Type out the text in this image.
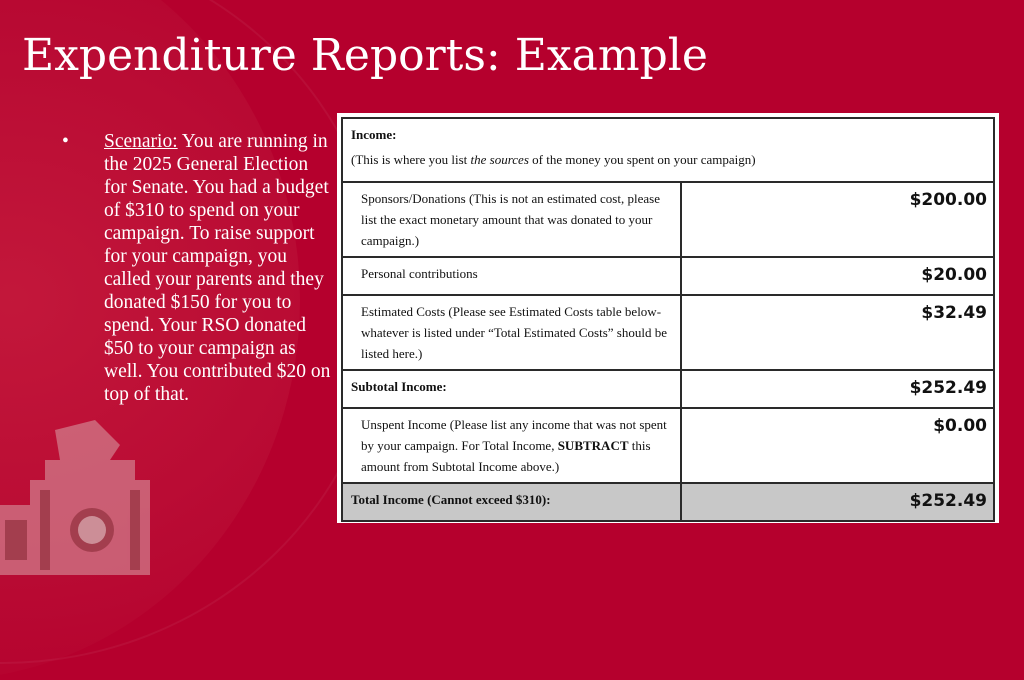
Expenditure Reports: Example
• Scenario: You are running in the 2025 General Election for Senate. You had a budget of $310 to spend on your campaign. To raise support for your campaign, you called your parents and they donated $150 for you to spend. Your RSO donated $50 to your campaign as well. You contributed $20 on top of that.
Income:
(This is where you list the sources of the money you spent on your campaign)	

Sponsors/Donations (This is not an estimated cost, please list the exact monetary amount that was donated to your campaign.)	$200.00
Personal contributions	$20.00
Estimated Costs (Please see Estimated Costs table below-whatever is listed under “Total Estimated Costs” should be listed here.)	$32.49
Subtotal Income:	$252.49
Unspent Income (Please list any income that was not spent by your campaign. For Total Income, SUBTRACT this amount from Subtotal Income above.)	$0.00
Total Income (Cannot exceed $310):	$252.49
